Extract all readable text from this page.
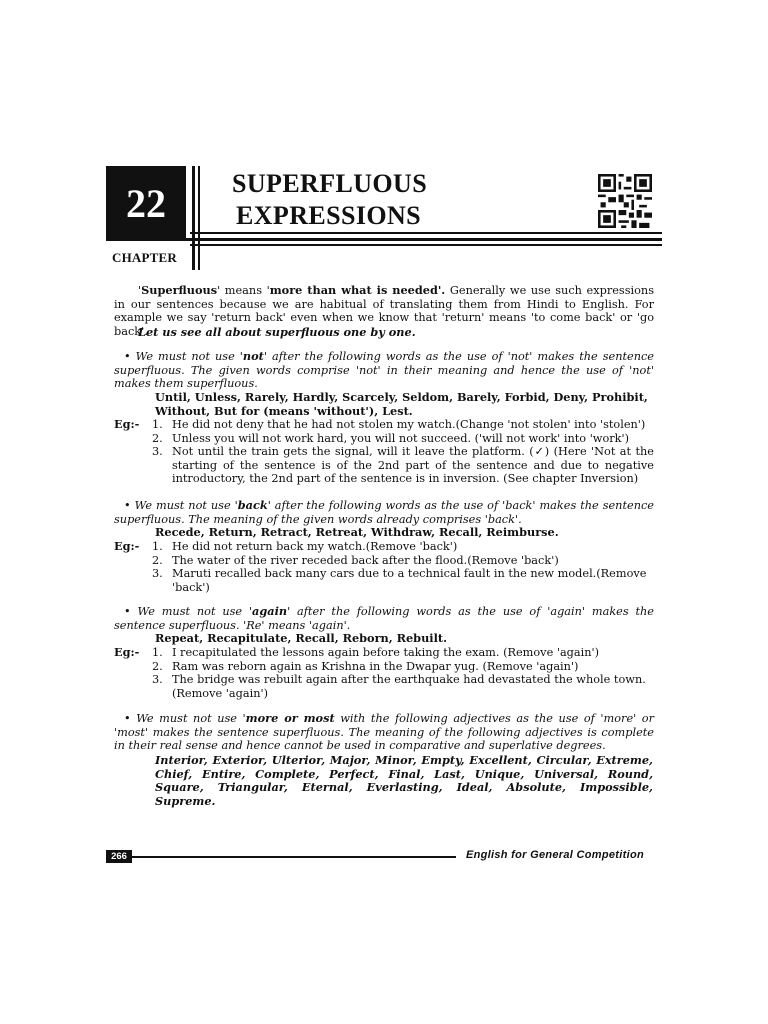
22	SUPERFLUOUS
EXPRESSIONS
CHAPTER
'Superfluous' means 'more than what is needed'. Generally we use such expressions in our sentences because we are habitual of translating them from Hindi to English. For example we say 'return back' even when we know that 'return' means 'to come back' or 'go back'.
Let us see all about superfluous one by one.
• We must not use 'not' after the following words as the use of 'not' makes the sentence superfluous. The given words comprise 'not' in their meaning and hence the use of 'not' makes them superfluous.
Until, Unless, Rarely, Hardly, Scarcely, Seldom, Barely, Forbid, Deny, Prohibit, Without, But for (means 'without'), Lest.
Eg:- 1. He did not deny that he had not stolen my watch.(Change 'not stolen' into 'stolen')
2. Unless you will not work hard, you will not succeed. ('will not work' into 'work')
3. Not until the train gets the signal, will it leave the platform. (✓) (Here 'Not at the starting of the sentence is of the 2nd part of the sentence and due to negative introductory, the 2nd part of the sentence is in inversion. (See chapter Inversion)
• We must not use 'back' after the following words as the use of 'back' makes the sentence superfluous. The meaning of the given words already comprises 'back'.
Recede, Return, Retract, Retreat, Withdraw, Recall, Reimburse.
Eg:- 1. He did not return back my watch.(Remove 'back')
2. The water of the river receded back after the flood.(Remove 'back')
3. Maruti recalled back many cars due to a technical fault in the new model.(Remove 'back')
• We must not use 'again' after the following words as the use of 'again' makes the sentence superfluous. 'Re' means 'again'.
Repeat, Recapitulate, Recall, Reborn, Rebuilt.
Eg:- 1. I recapitulated the lessons again before taking the exam. (Remove 'again')
2. Ram was reborn again as Krishna in the Dwapar yug. (Remove 'again')
3. The bridge was rebuilt again after the earthquake had devastated the whole town. (Remove 'again')
• We must not use 'more or most with the following adjectives as the use of 'more' or 'most' makes the sentence superfluous. The meaning of the following adjectives is complete in their real sense and hence cannot be used in comparative and superlative degrees.
Interior, Exterior, Ulterior, Major, Minor, Empty, Excellent, Circular, Extreme, Chief, Entire, Complete, Perfect, Final, Last, Unique, Universal, Round, Square, Triangular, Eternal, Everlasting, Ideal, Absolute, Impossible, Supreme.
266	English for General Competition
